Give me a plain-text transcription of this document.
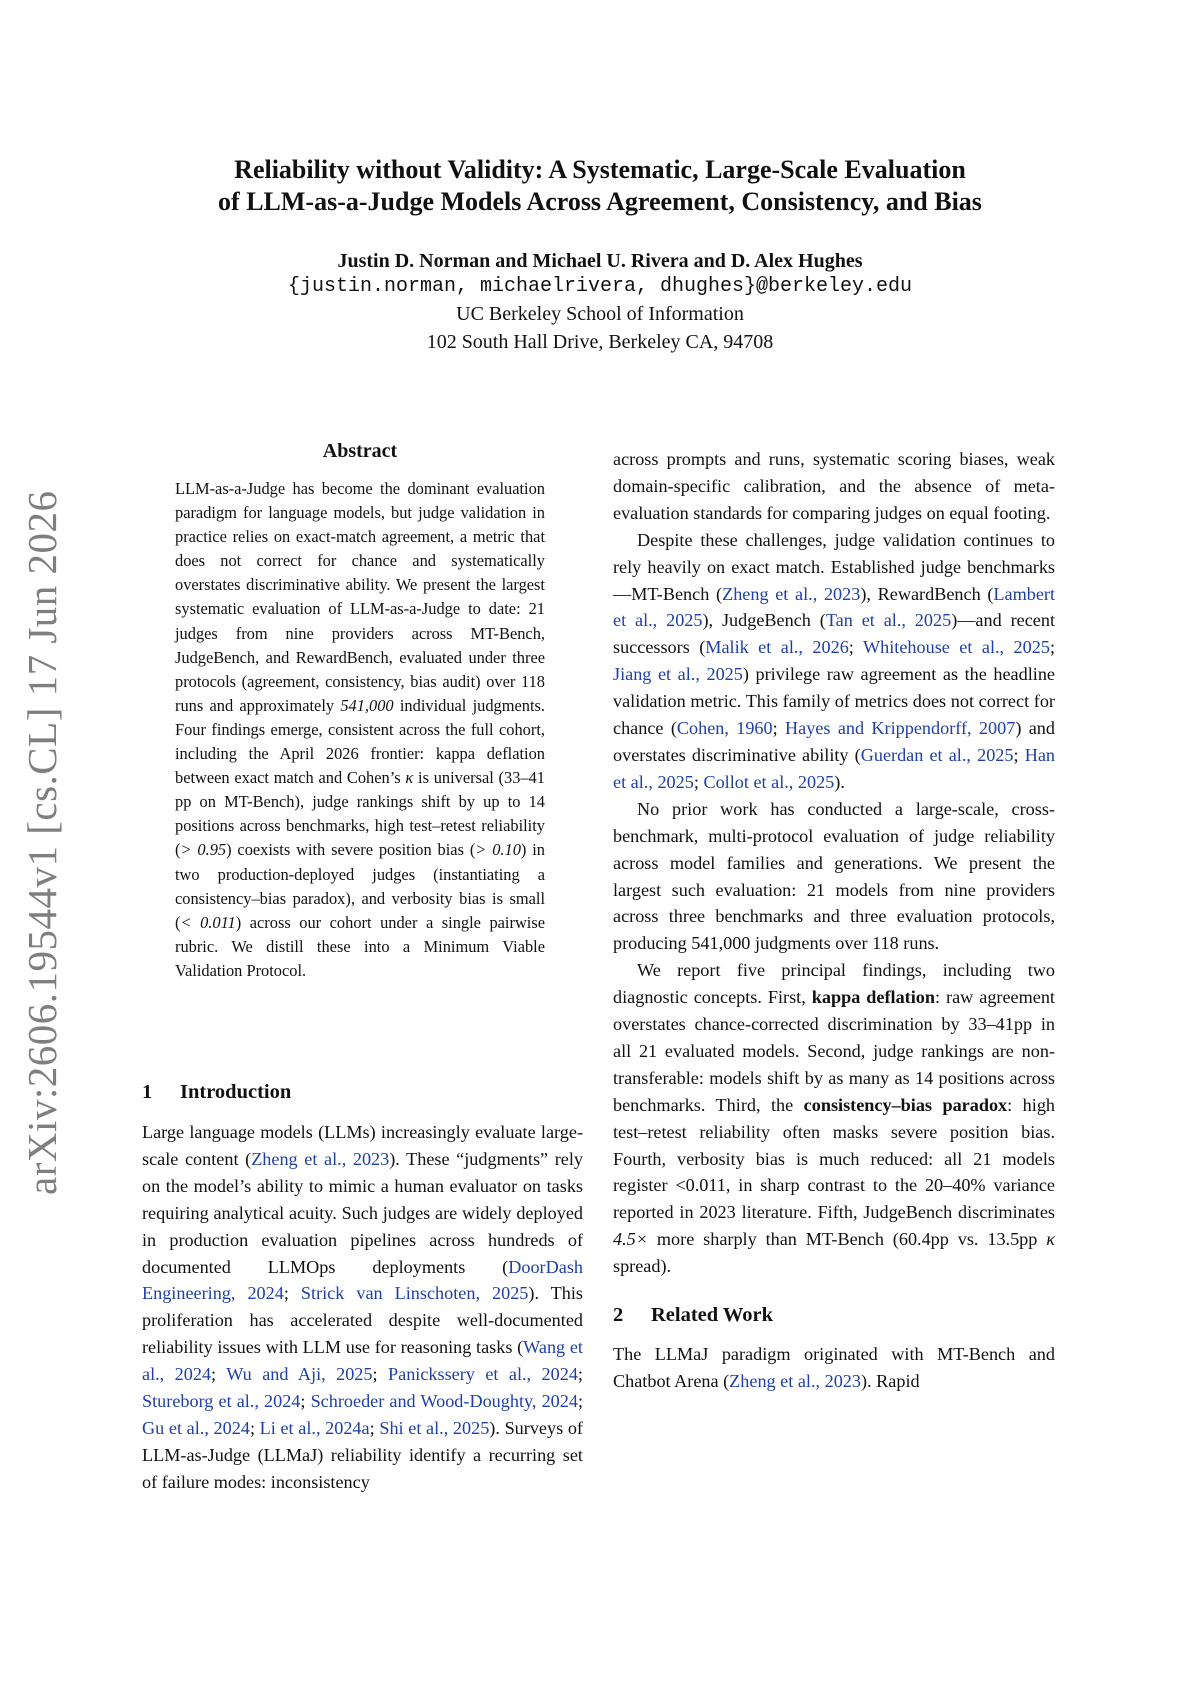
arXiv:2606.19544v1 [cs.CL] 17 Jun 2026
Reliability without Validity: A Systematic, Large-Scale Evaluation
of LLM-as-a-Judge Models Across Agreement, Consistency, and Bias
Justin D. Norman and Michael U. Rivera and D. Alex Hughes
{justin.norman, michaelrivera, dhughes}@berkeley.edu
UC Berkeley School of Information
102 South Hall Drive, Berkeley CA, 94708
Abstract

LLM-as-a-Judge has become the dominant evaluation paradigm for language models, but judge validation in practice relies on exact-match agreement, a metric that does not correct for chance and systematically overstates discriminative ability. We present the largest systematic evaluation of LLM-as-a-Judge to date: 21 judges from nine providers across MT-Bench, JudgeBench, and RewardBench, evaluated under three protocols (agreement, consistency, bias audit) over 118 runs and approximately 541,000 individual judgments. Four findings emerge, consistent across the full cohort, including the April 2026 frontier: kappa deflation between exact match and Cohen’s κ is universal (33–41 pp on MT-Bench), judge rankings shift by up to 14 positions across benchmarks, high test–retest reliability (> 0.95) coexists with severe position bias (> 0.10) in two production-deployed judges (instantiating a consistency–bias paradox), and verbosity bias is small (< 0.011) across our cohort under a single pairwise rubric. We distill these into a Minimum Viable Validation Protocol.

1 Introduction

Large language models (LLMs) increasingly evaluate large-scale content (Zheng et al., 2023). These “judgments” rely on the model’s ability to mimic a human evaluator on tasks requiring analytical acuity. Such judges are widely deployed in production evaluation pipelines across hundreds of documented LLMOps deployments (DoorDash Engineering, 2024; Strick van Linschoten, 2025). This proliferation has accelerated despite well-documented reliability issues with LLM use for reasoning tasks (Wang et al., 2024; Wu and Aji, 2025; Panickssery et al., 2024; Stureborg et al., 2024; Schroeder and Wood-Doughty, 2024; Gu et al., 2024; Li et al., 2024a; Shi et al., 2025). Surveys of LLM-as-Judge (LLMaJ) reliability identify a recurring set of failure modes: inconsistency

across prompts and runs, systematic scoring biases, weak domain-specific calibration, and the absence of meta-evaluation standards for comparing judges on equal footing.

Despite these challenges, judge validation continues to rely heavily on exact match. Established judge benchmarks—MT-Bench (Zheng et al., 2023), RewardBench (Lambert et al., 2025), JudgeBench (Tan et al., 2025)—and recent successors (Malik et al., 2026; Whitehouse et al., 2025; Jiang et al., 2025) privilege raw agreement as the headline validation metric. This family of metrics does not correct for chance (Cohen, 1960; Hayes and Krippendorff, 2007) and overstates discriminative ability (Guerdan et al., 2025; Han et al., 2025; Collot et al., 2025).

No prior work has conducted a large-scale, cross-benchmark, multi-protocol evaluation of judge reliability across model families and generations. We present the largest such evaluation: 21 models from nine providers across three benchmarks and three evaluation protocols, producing 541,000 judgments over 118 runs.

We report five principal findings, including two diagnostic concepts. First, kappa deflation: raw agreement overstates chance-corrected discrimination by 33–41pp in all 21 evaluated models. Second, judge rankings are non-transferable: models shift by as many as 14 positions across benchmarks. Third, the consistency–bias paradox: high test–retest reliability often masks severe position bias. Fourth, verbosity bias is much reduced: all 21 models register <0.011, in sharp contrast to the 20–40% variance reported in 2023 literature. Fifth, JudgeBench discriminates 4.5× more sharply than MT-Bench (60.4pp vs. 13.5pp κ spread).

2 Related Work

The LLMaJ paradigm originated with MT-Bench and Chatbot Arena (Zheng et al., 2023). Rapid
